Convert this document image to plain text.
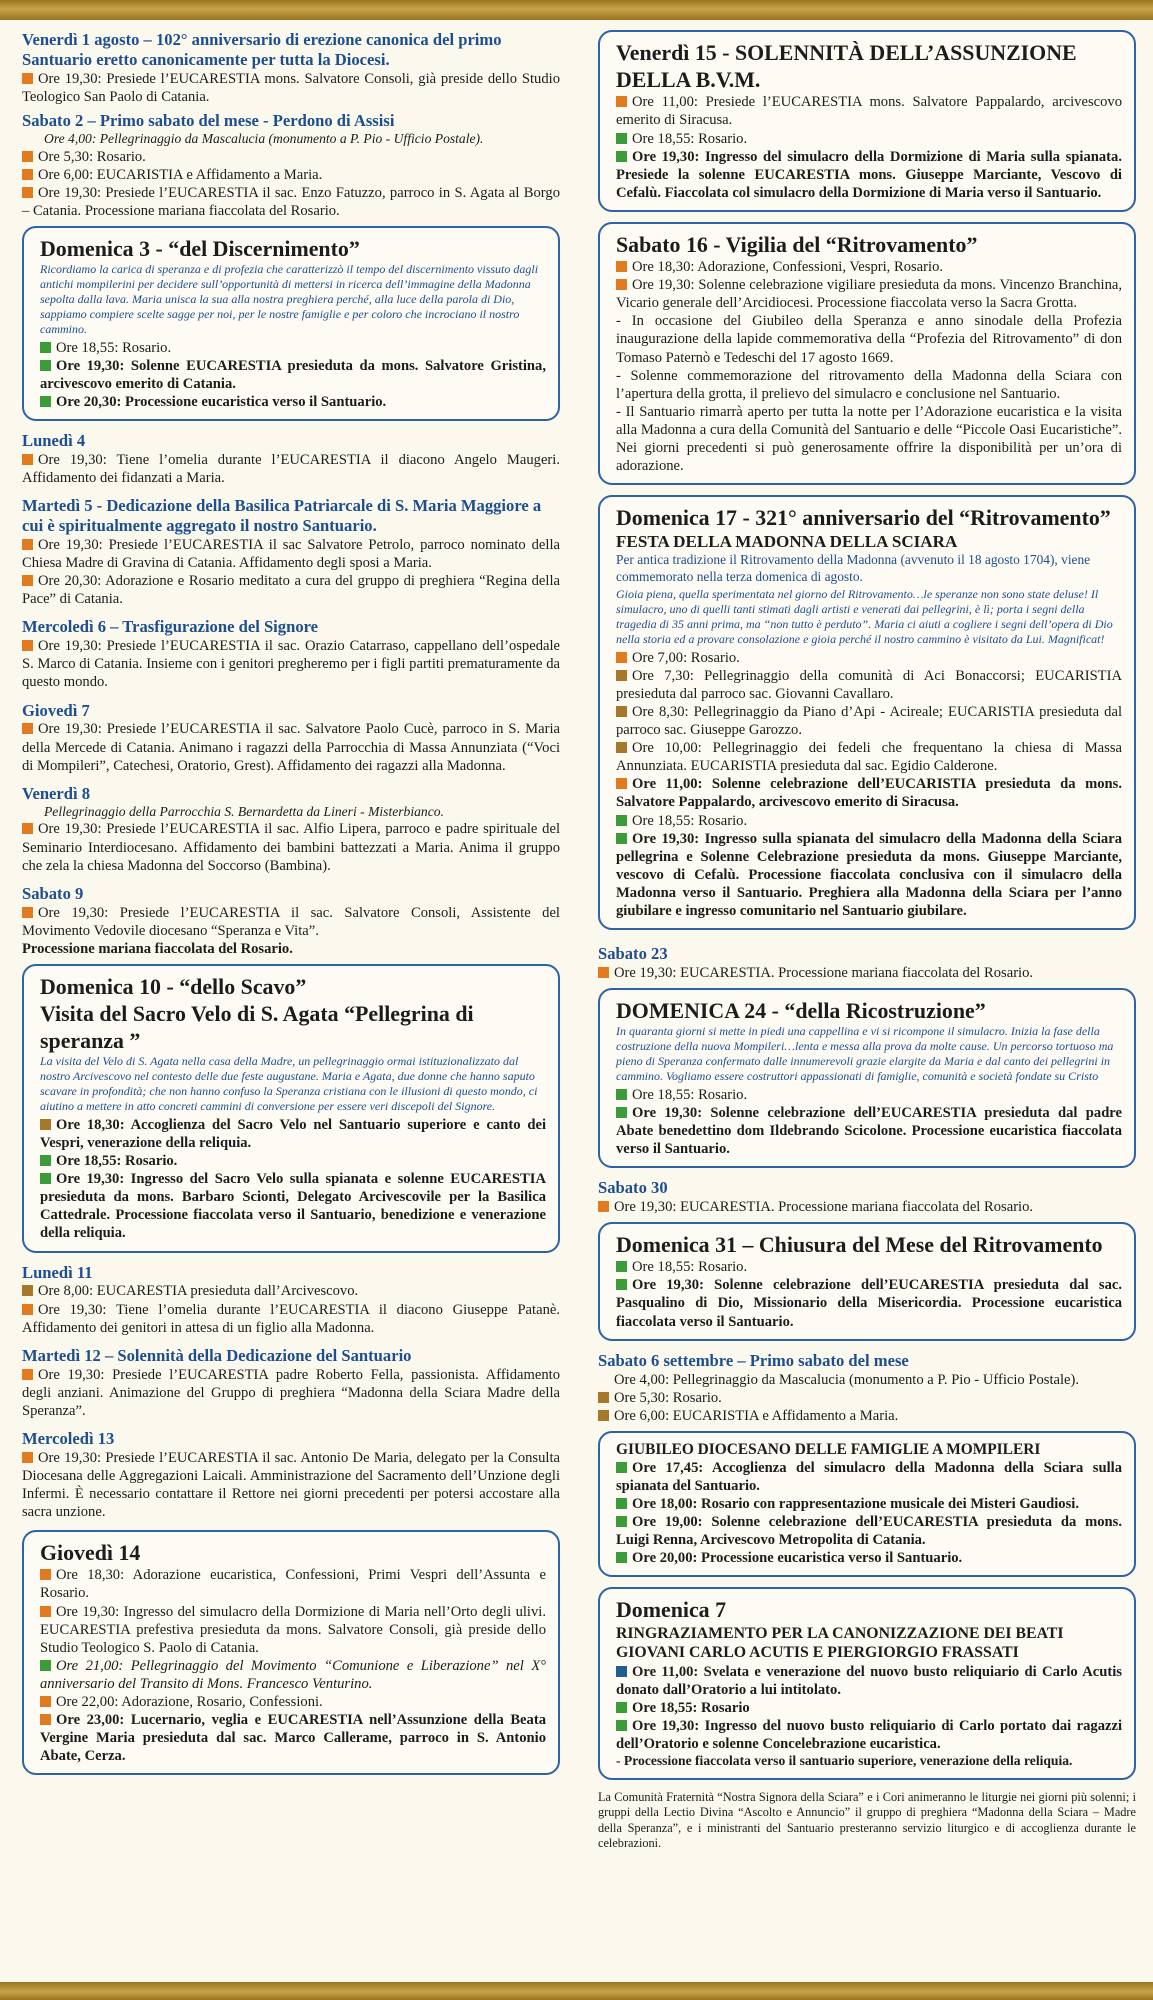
Venerdì 1 agosto – 102° anniversario di erezione canonica del primo Santuario eretto canonicamente per tutta la Diocesi.

Ore 19,30: Presiede l’EUCARESTIA mons. Salvatore Consoli, già preside dello Studio Teologico San Paolo di Catania.

Sabato 2 – Primo sabato del mese - Perdono di Assisi

Ore 4,00: Pellegrinaggio da Mascalucia (monumento a P. Pio - Ufficio Postale).

Ore 5,30: Rosario.

Ore 6,00: EUCARISTIA e Affidamento a Maria.

Ore 19,30: Presiede l’EUCARESTIA il sac. Enzo Fatuzzo, parroco in S. Agata al Borgo – Catania. Processione mariana fiaccolata del Rosario.

Domenica 3 - “del Discernimento”

Ricordiamo la carica di speranza e di profezia che caratterizzò il tempo del discernimento vissuto dagli antichi mompilerini per decidere sull’opportunità di mettersi in ricerca dell’immagine della Madonna sepolta dalla lava. Maria unisca la sua alla nostra preghiera perché, alla luce della parola di Dio, sappiamo compiere scelte sagge per noi, per le nostre famiglie e per coloro che incrociano il nostro cammino.

Ore 18,55: Rosario.

Ore 19,30: Solenne EUCARESTIA presieduta da mons. Salvatore Gristina, arcivescovo emerito di Catania.

Ore 20,30: Processione eucaristica verso il Santuario.

Lunedì 4

Ore 19,30: Tiene l’omelia durante l’EUCARESTIA il diacono Angelo Maugeri. Affidamento dei fidanzati a Maria.

Martedì 5 - Dedicazione della Basilica Patriarcale di S. Maria Maggiore a cui è spiritualmente aggregato il nostro Santuario.

Ore 19,30: Presiede l’EUCARESTIA il sac Salvatore Petrolo, parroco nominato della Chiesa Madre di Gravina di Catania. Affidamento degli sposi a Maria.

Ore 20,30: Adorazione e Rosario meditato a cura del gruppo di preghiera “Regina della Pace” di Catania.

Mercoledì 6 – Trasfigurazione del Signore

Ore 19,30: Presiede l’EUCARESTIA il sac. Orazio Catarraso, cappellano dell’ospedale S. Marco di Catania. Insieme con i genitori pregheremo per i figli partiti prematuramente da questo mondo.

Giovedì 7

Ore 19,30: Presiede l’EUCARESTIA il sac. Salvatore Paolo Cucè, parroco in S. Maria della Mercede di Catania. Animano i ragazzi della Parrocchia di Massa Annunziata (“Voci di Mompileri”, Catechesi, Oratorio, Grest). Affidamento dei ragazzi alla Madonna.

Venerdì 8

Pellegrinaggio della Parrocchia S. Bernardetta da Lineri - Misterbianco.

Ore 19,30: Presiede l’EUCARESTIA il sac. Alfio Lipera, parroco e padre spirituale del Seminario Interdiocesano. Affidamento dei bambini battezzati a Maria. Anima il gruppo che zela la chiesa Madonna del Soccorso (Bambina).

Sabato 9

Ore 19,30: Presiede l’EUCARESTIA il sac. Salvatore Consoli, Assistente del Movimento Vedovile diocesano “Speranza e Vita”.

Processione mariana fiaccolata del Rosario.

Domenica 10 - “dello Scavo”
Visita del Sacro Velo di S. Agata “Pellegrina di speranza ”

La visita del Velo di S. Agata nella casa della Madre, un pellegrinaggio ormai istituzionalizzato dal nostro Arcivescovo nel contesto delle due feste augustane. Maria e Agata, due donne che hanno saputo scavare in profondità; che non hanno confuso la Speranza cristiana con le illusioni di questo mondo, ci aiutino a mettere in atto concreti cammini di conversione per essere veri discepoli del Signore.

Ore 18,30: Accoglienza del Sacro Velo nel Santuario superiore e canto dei Vespri, venerazione della reliquia.

Ore 18,55: Rosario.

Ore 19,30: Ingresso del Sacro Velo sulla spianata e solenne EUCARESTIA presieduta da mons. Barbaro Scionti, Delegato Arcivescovile per la Basilica Cattedrale. Processione fiaccolata verso il Santuario, benedizione e venerazione della reliquia.

Lunedì 11

Ore 8,00: EUCARESTIA presieduta dall’Arcivescovo.

Ore 19,30: Tiene l’omelia durante l’EUCARESTIA il diacono Giuseppe Patanè. Affidamento dei genitori in attesa di un figlio alla Madonna.

Martedì 12 – Solennità della Dedicazione del Santuario

Ore 19,30: Presiede l’EUCARESTIA padre Roberto Fella, passionista. Affidamento degli anziani. Animazione del Gruppo di preghiera “Madonna della Sciara Madre della Speranza”.

Mercoledì 13

Ore 19,30: Presiede l’EUCARESTIA il sac. Antonio De Maria, delegato per la Consulta Diocesana delle Aggregazioni Laicali. Amministrazione del Sacramento dell’Unzione degli Infermi. È necessario contattare il Rettore nei giorni precedenti per potersi accostare alla sacra unzione.

Giovedì 14

Ore 18,30: Adorazione eucaristica, Confessioni, Primi Vespri dell’Assunta e Rosario.

Ore 19,30: Ingresso del simulacro della Dormizione di Maria nell’Orto degli ulivi. EUCARESTIA prefestiva presieduta da mons. Salvatore Consoli, già preside dello Studio Teologico S. Paolo di Catania.

Ore 21,00: Pellegrinaggio del Movimento “Comunione e Liberazione” nel X° anniversario del Transito di Mons. Francesco Venturino.

Ore 22,00: Adorazione, Rosario, Confessioni.

Ore 23,00: Lucernario, veglia e EUCARESTIA nell’Assunzione della Beata Vergine Maria presieduta dal sac. Marco Callerame, parroco in S. Antonio Abate, Cerza.

Venerdì 15 - SOLENNITÀ DELL’ASSUNZIONE DELLA B.V.M.

Ore 11,00: Presiede l’EUCARESTIA mons. Salvatore Pappalardo, arcivescovo emerito di Siracusa.

Ore 18,55: Rosario.

Ore 19,30: Ingresso del simulacro della Dormizione di Maria sulla spianata. Presiede la solenne EUCARESTIA mons. Giuseppe Marciante, Vescovo di Cefalù. Fiaccolata col simulacro della Dormizione di Maria verso il Santuario.

Sabato 16 - Vigilia del “Ritrovamento”

Ore 18,30: Adorazione, Confessioni, Vespri, Rosario.

Ore 19,30: Solenne celebrazione vigiliare presieduta da mons. Vincenzo Branchina, Vicario generale dell’Arcidiocesi. Processione fiaccolata verso la Sacra Grotta.

- In occasione del Giubileo della Speranza e anno sinodale della Profezia inaugurazione della lapide commemorativa della “Profezia del Ritrovamento” di don Tomaso Paternò e Tedeschi del 17 agosto 1669.

- Solenne commemorazione del ritrovamento della Madonna della Sciara con l’apertura della grotta, il prelievo del simulacro e conclusione nel Santuario.

- Il Santuario rimarrà aperto per tutta la notte per l’Adorazione eucaristica e la visita alla Madonna a cura della Comunità del Santuario e delle “Piccole Oasi Eucaristiche”. Nei giorni precedenti si può generosamente offrire la disponibilità per un’ora di adorazione.

Domenica 17 - 321° anniversario del “Ritrovamento”
FESTA DELLA MADONNA DELLA SCIARA

Per antica tradizione il Ritrovamento della Madonna (avvenuto il 18 agosto 1704), viene commemorato nella terza domenica di agosto.

Gioia piena, quella sperimentata nel giorno del Ritrovamento…le speranze non sono state deluse! Il simulacro, uno di quelli tanti stimati dagli artisti e venerati dai pellegrini, è lì; porta i segni della tragedia di 35 anni prima, ma “non tutto è perduto”. Maria ci aiuti a cogliere i segni dell’opera di Dio nella storia ed a provare consolazione e gioia perché il nostro cammino è visitato da Lui. Magnificat!

Ore 7,00: Rosario.

Ore 7,30: Pellegrinaggio della comunità di Aci Bonaccorsi; EUCARISTIA presieduta dal parroco sac. Giovanni Cavallaro.

Ore 8,30: Pellegrinaggio da Piano d’Api - Acireale; EUCARISTIA presieduta dal parroco sac. Giuseppe Garozzo.

Ore 10,00: Pellegrinaggio dei fedeli che frequentano la chiesa di Massa Annunziata. EUCARISTIA presieduta dal sac. Egidio Calderone.

Ore 11,00: Solenne celebrazione dell’EUCARISTIA presieduta da mons. Salvatore Pappalardo, arcivescovo emerito di Siracusa.

Ore 18,55: Rosario.

Ore 19,30: Ingresso sulla spianata del simulacro della Madonna della Sciara pellegrina e Solenne Celebrazione presieduta da mons. Giuseppe Marciante, vescovo di Cefalù. Processione fiaccolata conclusiva con il simulacro della Madonna verso il Santuario. Preghiera alla Madonna della Sciara per l’anno giubilare e ingresso comunitario nel Santuario giubilare.

Sabato 23

Ore 19,30: EUCARESTIA. Processione mariana fiaccolata del Rosario.

DOMENICA 24 - “della Ricostruzione”

In quaranta giorni si mette in piedi una cappellina e vi si ricompone il simulacro. Inizia la fase della costruzione della nuova Mompileri…lenta e messa alla prova da molte cause. Un percorso tortuoso ma pieno di Speranza confermato dalle innumerevoli grazie elargite da Maria e dal canto dei pellegrini in cammino. Vogliamo essere costruttori appassionati di famiglie, comunità e società fondate su Cristo

Ore 18,55: Rosario.

Ore 19,30: Solenne celebrazione dell’EUCARESTIA presieduta dal padre Abate benedettino dom Ildebrando Scicolone. Processione eucaristica fiaccolata verso il Santuario.

Sabato 30

Ore 19,30: EUCARESTIA. Processione mariana fiaccolata del Rosario.

Domenica 31 – Chiusura del Mese del Ritrovamento

Ore 18,55: Rosario.

Ore 19,30: Solenne celebrazione dell’EUCARESTIA presieduta dal sac. Pasqualino di Dio, Missionario della Misericordia. Processione eucaristica fiaccolata verso il Santuario.

Sabato 6 settembre – Primo sabato del mese

Ore 4,00: Pellegrinaggio da Mascalucia (monumento a P. Pio - Ufficio Postale).

Ore 5,30: Rosario.

Ore 6,00: EUCARISTIA e Affidamento a Maria.

GIUBILEO DIOCESANO DELLE FAMIGLIE A MOMPILERI

Ore 17,45: Accoglienza del simulacro della Madonna della Sciara sulla spianata del Santuario.

Ore 18,00: Rosario con rappresentazione musicale dei Misteri Gaudiosi.

Ore 19,00: Solenne celebrazione dell’EUCARESTIA presieduta da mons. Luigi Renna, Arcivescovo Metropolita di Catania.

Ore 20,00: Processione eucaristica verso il Santuario.

Domenica 7
RINGRAZIAMENTO PER LA CANONIZZAZIONE DEI BEATI GIOVANI CARLO ACUTIS E PIERGIORGIO FRASSATI

Ore 11,00: Svelata e venerazione del nuovo busto reliquiario di Carlo Acutis donato dall’Oratorio a lui intitolato.

Ore 18,55: Rosario

Ore 19,30: Ingresso del nuovo busto reliquiario di Carlo portato dai ragazzi dell’Oratorio e solenne Concelebrazione eucaristica.

- Processione fiaccolata verso il santuario superiore, venerazione della reliquia.

La Comunità Fraternità “Nostra Signora della Sciara” e i Cori animeranno le liturgie nei giorni più solenni; i gruppi della Lectio Divina “Ascolto e Annuncio” il gruppo di preghiera “Madonna della Sciara – Madre della Speranza”, e i ministranti del Santuario presteranno servizio liturgico e di accoglienza durante le celebrazioni.
